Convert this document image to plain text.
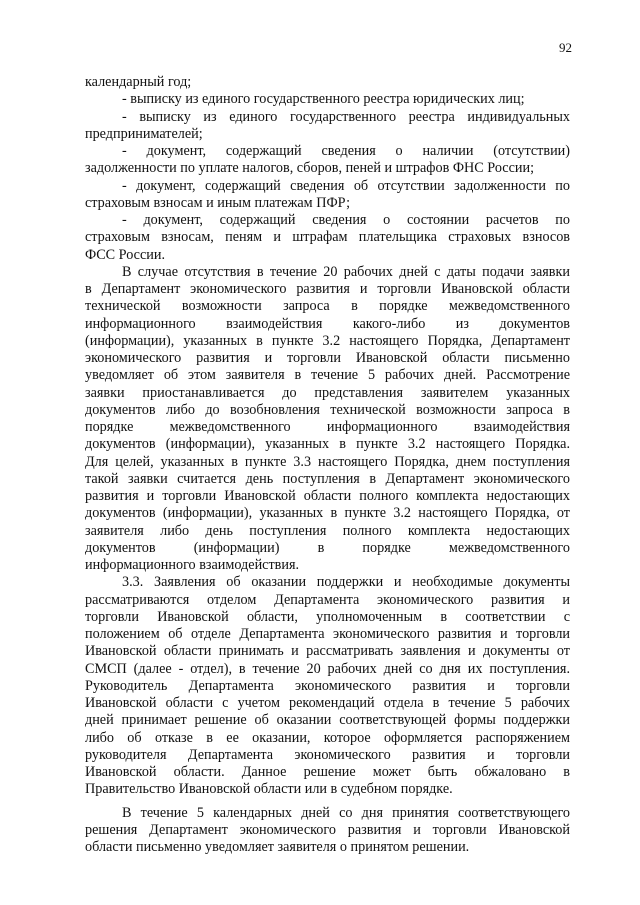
92
календарный год;
- выписку из единого государственного реестра юридических лиц;
- выписку из единого государственного реестра индивидуальных
предпринимателей;
- документ, содержащий сведения о наличии (отсутствии)
задолженности по уплате налогов, сборов, пеней и штрафов ФНС России;
- документ, содержащий сведения об отсутствии задолженности по
страховым взносам и иным платежам ПФР;
- документ, содержащий сведения о состоянии расчетов по
страховым взносам, пеням и штрафам плательщика страховых взносов
ФСС России.
В случае отсутствия в течение 20 рабочих дней с даты подачи заявки
в Департамент экономического развития и торговли Ивановской области
технической возможности запроса в порядке межведомственного
информационного взаимодействия какого-либо из документов
(информации), указанных в пункте 3.2 настоящего Порядка, Департамент
экономического развития и торговли Ивановской области письменно
уведомляет об этом заявителя в течение 5 рабочих дней. Рассмотрение
заявки приостанавливается до представления заявителем указанных
документов либо до возобновления технической возможности запроса в
порядке межведомственного информационного взаимодействия
документов (информации), указанных в пункте 3.2 настоящего Порядка.
Для целей, указанных в пункте 3.3 настоящего Порядка, днем поступления
такой заявки считается день поступления в Департамент экономического
развития и торговли Ивановской области полного комплекта недостающих
документов (информации), указанных в пункте 3.2 настоящего Порядка, от
заявителя либо день поступления полного комплекта недостающих
документов (информации) в порядке межведомственного
информационного взаимодействия.
3.3. Заявления об оказании поддержки и необходимые документы
рассматриваются отделом Департамента экономического развития и
торговли Ивановской области, уполномоченным в соответствии с
положением об отделе Департамента экономического развития и торговли
Ивановской области принимать и рассматривать заявления и документы от
СМСП (далее - отдел), в течение 20 рабочих дней со дня их поступления.
Руководитель Департамента экономического развития и торговли
Ивановской области с учетом рекомендаций отдела в течение 5 рабочих
дней принимает решение об оказании соответствующей формы поддержки
либо об отказе в ее оказании, которое оформляется распоряжением
руководителя Департамента экономического развития и торговли
Ивановской области. Данное решение может быть обжаловано в
Правительство Ивановской области или в судебном порядке.
В течение 5 календарных дней со дня принятия соответствующего
решения Департамент экономического развития и торговли Ивановской
области письменно уведомляет заявителя о принятом решении.
